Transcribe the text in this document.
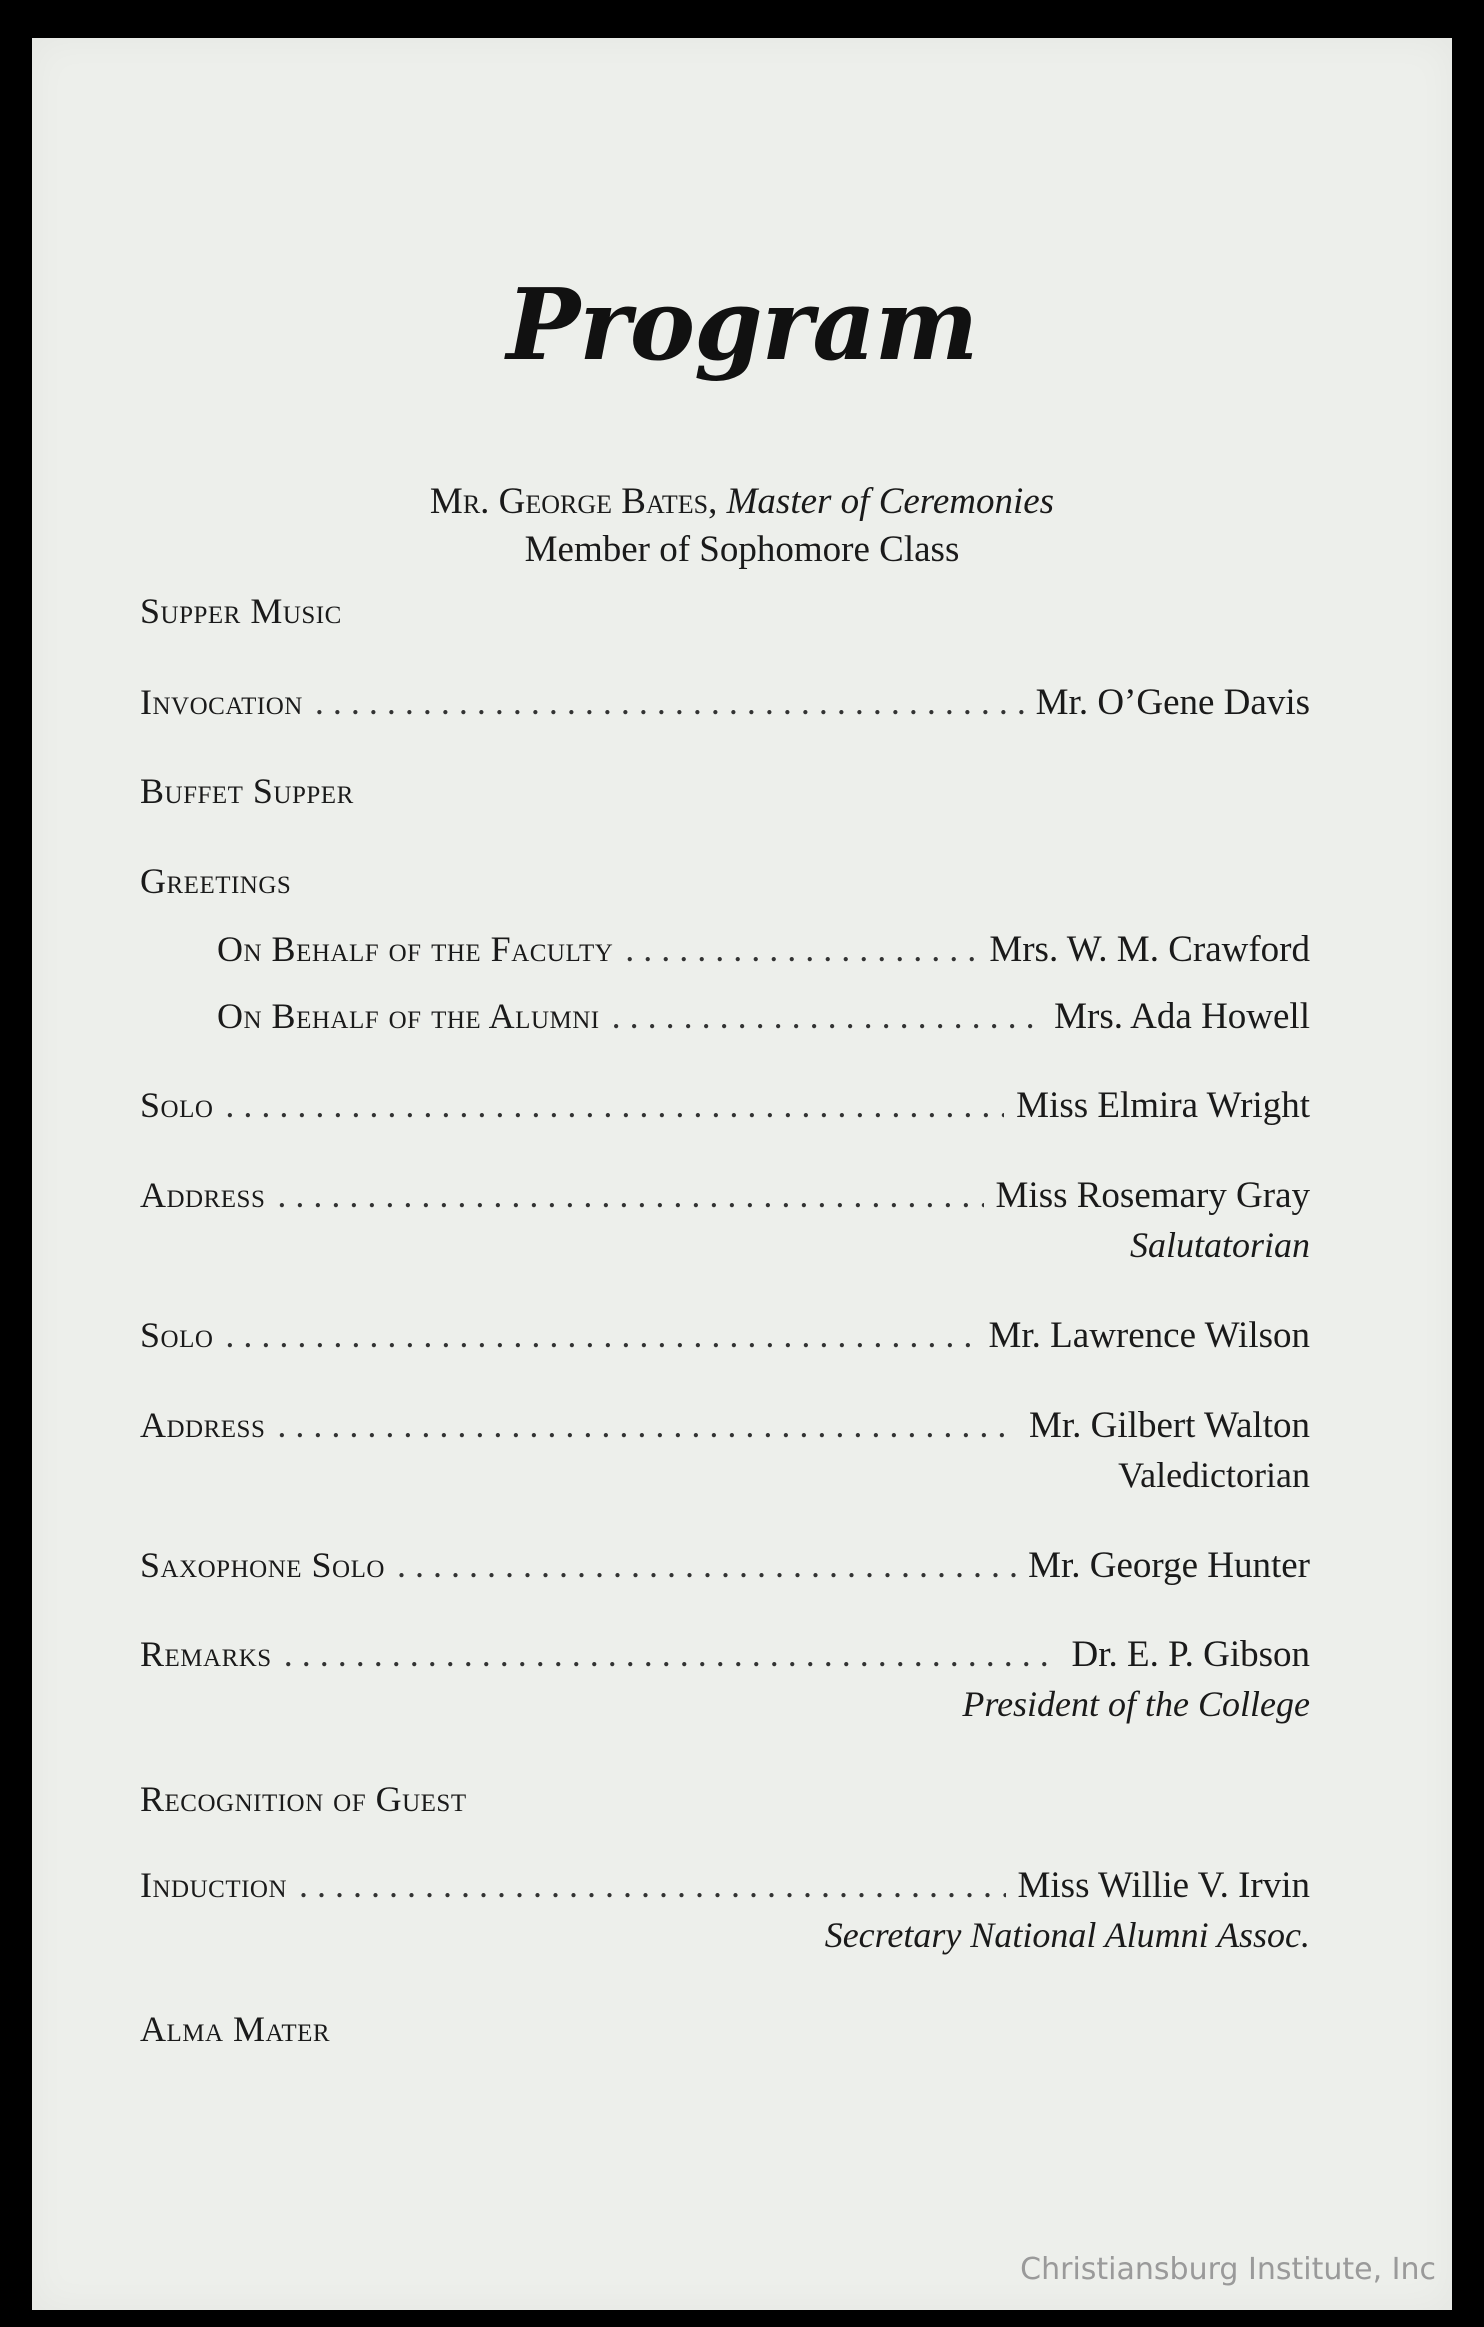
Program
Mr. George Bates, Master of Ceremonies
Member of Sophomore Class
Supper Music
Invocation . . .	Mr. O’Gene Davis
Buffet Supper
Greetings
On Behalf of the Faculty . . .	Mrs. W. M. Crawford
On Behalf of the Alumni . . .	Mrs. Ada Howell
Solo . . .	Miss Elmira Wright
Address . . .	Miss Rosemary Gray
Salutatorian
Solo . . .	Mr. Lawrence Wilson
Address . . .	Mr. Gilbert Walton
Valedictorian
Saxophone Solo . . .	Mr. George Hunter
Remarks . . .	Dr. E. P. Gibson
President of the College
Recognition of Guest
Induction . . .	Miss Willie V. Irvin
Secretary National Alumni Assoc.
Alma Mater
Christiansburg Institute, Inc
